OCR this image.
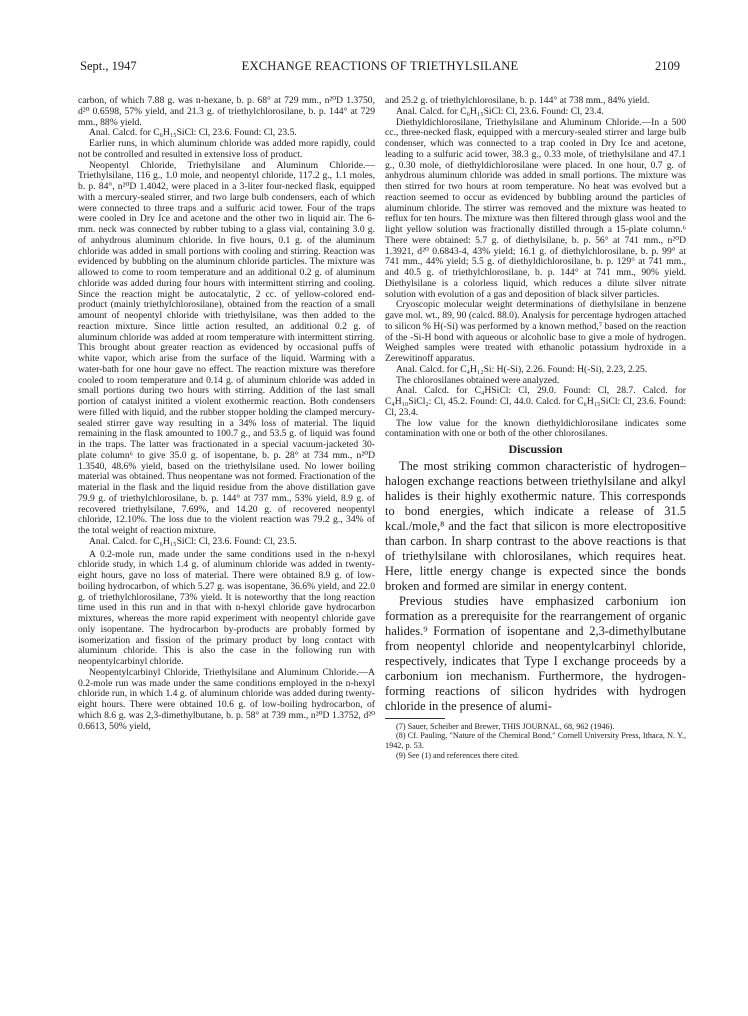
Sept., 1947	EXCHANGE REACTIONS OF TRIETHYLSILANE	2109

carbon, of which 7.88 g. was n-hexane, b. p. 68° at 729 mm., n²⁰D 1.3750, d²⁰ 0.6598, 57% yield, and 21.3 g. of triethylchlorosilane, b. p. 144° at 729 mm., 88% yield.

Anal. Calcd. for C₆H₁₅SiCl: Cl, 23.6. Found: Cl, 23.5.

Earlier runs, in which aluminum chloride was added more rapidly, could not be controlled and resulted in extensive loss of product.

Neopentyl Chloride, Triethylsilane and Aluminum Chloride.—Triethylsilane, 116 g., 1.0 mole, and neopentyl chloride, 117.2 g., 1.1 moles, b. p. 84°, n²⁰D 1.4042, were placed in a 3-liter four-necked flask, equipped with a mercury-sealed stirrer, and two large bulb condensers, each of which were connected to three traps and a sulfuric acid tower. Four of the traps were cooled in Dry Ice and acetone and the other two in liquid air. The 6-mm. neck was connected by rubber tubing to a glass vial, containing 3.0 g. of anhydrous aluminum chloride. In five hours, 0.1 g. of the aluminum chloride was added in small portions with cooling and stirring. Reaction was evidenced by bubbling on the aluminum chloride particles. The mixture was allowed to come to room temperature and an additional 0.2 g. of aluminum chloride was added during four hours with intermittent stirring and cooling. Since the reaction might be autocatalytic, 2 cc. of yellow-colored end-product (mainly triethylchlorosilane), obtained from the reaction of a small amount of neopentyl chloride with triethylsilane, was then added to the reaction mixture. Since little action resulted, an additional 0.2 g. of aluminum chloride was added at room temperature with intermittent stirring. This brought about greater reaction as evidenced by occasional puffs of white vapor, which arise from the surface of the liquid. Warming with a water-bath for one hour gave no effect. The reaction mixture was therefore cooled to room temperature and 0.14 g. of aluminum chloride was added in small portions during two hours with stirring. Addition of the last small portion of catalyst initited a violent exothermic reaction. Both condensers were filled with liquid, and the rubber stopper holding the clamped mercury-sealed stirrer gave way resulting in a 34% loss of material. The liquid remaining in the flask amounted to 100.7 g., and 53.5 g. of liquid was found in the traps. The latter was fractionated in a special vacuum-jacketed 30-plate column⁶ to give 35.0 g. of isopentane, b. p. 28° at 734 mm., n²⁰D 1.3540, 48.6% yield, based on the triethylsilane used. No lower boiling material was obtained. Thus neopentane was not formed. Fractionation of the material in the flask and the liquid residue from the above distillation gave 79.9 g. of triethylchlorosilane, b. p. 144° at 737 mm., 53% yield, 8.9 g. of recovered triethylsilane, 7.69%, and 14.20 g. of recovered neopentyl chloride, 12.10%. The loss due to the violent reaction was 79.2 g., 34% of the total weight of reaction mixture.

Anal. Calcd. for C₆H₁₅SiCl: Cl, 23.6. Found: Cl, 23.5.

A 0.2-mole run, made under the same conditions used in the n-hexyl chloride study, in which 1.4 g. of aluminum chloride was added in twenty-eight hours, gave no loss of material. There were obtained 8.9 g. of low-boiling hydrocarbon, of which 5.27 g. was isopentane, 36.6% yield, and 22.0 g. of triethylchlorosilane, 73% yield. It is noteworthy that the long reaction time used in this run and in that with n-hexyl chloride gave hydrocarbon mixtures, whereas the more rapid experiment with neopentyl chloride gave only isopentane. The hydrocarbon by-products are probably formed by isomerization and fission of the primary product by long contact with aluminum chloride. This is also the case in the following run with neopentylcarbinyl chloride.

Neopentylcarbinyl Chloride, Triethylsilane and Aluminum Chloride.—A 0.2-mole run was made under the same conditions employed in the n-hexyl chloride run, in which 1.4 g. of aluminum chloride was added during twenty-eight hours. There were obtained 10.6 g. of low-boiling hydrocarbon, of which 8.6 g. was 2,3-dimethylbutane, b. p. 58° at 739 mm., n²⁰D 1.3752, d²⁰ 0.6613, 50% yield,

and 25.2 g. of triethylchlorosilane, b. p. 144° at 738 mm., 84% yield.

Anal. Calcd. for C₆H₁₅SiCl: Cl, 23.6. Found: Cl, 23.4.

Diethyldichlorosilane, Triethylsilane and Aluminum Chloride.—In a 500 cc., three-necked flask, equipped with a mercury-sealed stirrer and large bulb condenser, which was connected to a trap cooled in Dry Ice and acetone, leading to a sulfuric acid tower, 38.3 g., 0.33 mole, of triethylsilane and 47.1 g., 0.30 mole, of diethyldichlorosilane were placed. In one hour, 0.7 g. of anhydrous aluminum chloride was added in small portions. The mixture was then stirred for two hours at room temperature. No heat was evolved but a reaction seemed to occur as evidenced by bubbling around the particles of aluminum chloride. The stirrer was removed and the mixture was heated to reflux for ten hours. The mixture was then filtered through glass wool and the light yellow solution was fractionally distilled through a 15-plate column.⁶ There were obtained: 5.7 g. of diethylsilane, b. p. 56° at 741 mm., n²⁰D 1.3921, d²⁰ 0.6843-4, 43% yield; 16.1 g. of diethylchlorosilane, b. p. 99° at 741 mm., 44% yield; 5.5 g. of diethyldichlorosilane, b. p. 129° at 741 mm., and 40.5 g. of triethylchlorosilane, b. p. 144° at 741 mm., 90% yield. Diethylsilane is a colorless liquid, which reduces a dilute silver nitrate solution with evolution of a gas and deposition of black silver particles.

Cryoscopic molecular weight determinations of diethylsilane in benzene gave mol. wt., 89, 90 (calcd. 88.0). Analysis for percentage hydrogen attached to silicon % H(-Si) was performed by a known method,⁷ based on the reaction of the -Si-H bond with aqueous or alcoholic base to give a mole of hydrogen. Weighed samples were treated with ethanolic potassium hydroxide in a Zerewitinoff apparatus.

Anal. Calcd. for C₄H₁₂Si: H(-Si), 2.26. Found: H(-Si), 2.23, 2.25.

The chlorosilanes obtained were analyzed.

Anal. Calcd. for C₄HSiCl: Cl, 29.0. Found: Cl, 28.7. Calcd. for C₄H₁₀SiCl₂: Cl, 45.2. Found: Cl, 44.0. Calcd. for C₆H₁₅SiCl: Cl, 23.6. Found: Cl, 23.4.

The low value for the known diethyldichlorosilane indicates some contamination with one or both of the other chlorosilanes.

Discussion

The most striking common characteristic of hydrogen–halogen exchange reactions between triethylsilane and alkyl halides is their highly exothermic nature. This corresponds to bond energies, which indicate a release of 31.5 kcal./mole,⁸ and the fact that silicon is more electropositive than carbon. In sharp contrast to the above reactions is that of triethylsilane with chlorosilanes, which requires heat. Here, little energy change is expected since the bonds broken and formed are similar in energy content.

Previous studies have emphasized carbonium ion formation as a prerequisite for the rearrangement of organic halides.⁹ Formation of isopentane and 2,3-dimethylbutane from neopentyl chloride and neopentylcarbinyl chloride, respectively, indicates that Type I exchange proceeds by a carbonium ion mechanism. Furthermore, the hydrogen-forming reactions of silicon hydrides with hydrogen chloride in the presence of alumi-

(7) Sauer, Scheiber and Brewer, THIS JOURNAL, 68, 962 (1946).

(8) Cf. Pauling, "Nature of the Chemical Bond," Cornell University Press, Ithaca, N. Y., 1942, p. 53.

(9) See (1) and references there cited.
